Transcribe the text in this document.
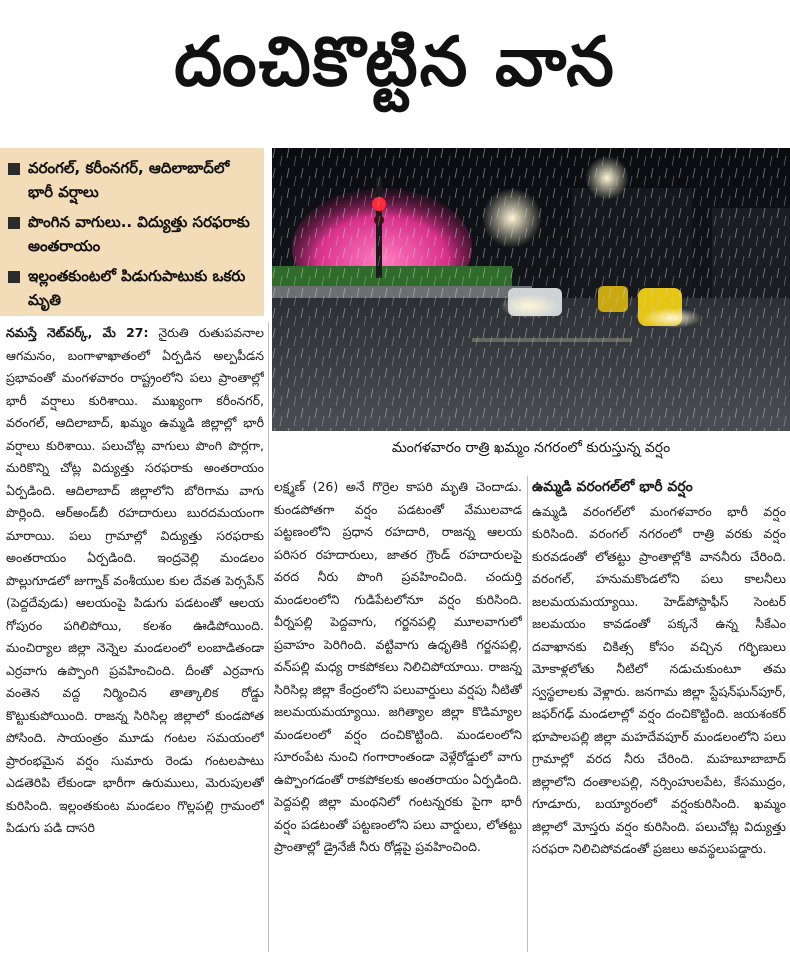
దంచికొట్టిన వాన
వరంగల్, కరీంనగర్, ఆదిలాబాద్‌లో భారీ వర్షాలు
పొంగిన వాగులు.. విద్యుత్తు సరఫరాకు అంతరాయం
ఇల్లంతకుంటలో పిడుగుపాటుకు ఒకరు మృతి
మంగళవారం రాత్రి ఖమ్మం నగరంలో కురుస్తున్న వర్షం

నమస్తే నెట్‌వర్క్, మే 27: నైరుతి రుతుపవనాల ఆగమనం, బంగాళాఖాతంలో ఏర్పడిన అల్పపీడన ప్రభావంతో మంగళవారం రాష్ట్రంలోని పలు ప్రాంతాల్లో భారీ వర్షాలు కురిశాయి. ముఖ్యంగా కరీంనగర్, వరంగల్, ఆదిలాబాద్, ఖమ్మం ఉమ్మడి జిల్లాల్లో భారీ వర్షాలు కురిశాయి. పలుచోట్ల వాగులు పొంగి పొర్లగా, మరికొన్ని చోట్ల విద్యుత్తు సరఫరాకు అంతరాయం ఏర్పడింది. ఆదిలాబాద్ జిల్లాలోని బోరిగామ వాగు పొర్లింది. ఆర్‌అండ్‌బీ రహదారులు బురదమయంగా మారాయి. పలు గ్రామాల్లో విద్యుత్తు సరఫరాకు అంతరాయం ఏర్పడింది. ఇంద్రవెల్లి మండలం పొల్లుగూడలో జుగ్నాక్ వంశీయుల కుల దేవత పెర్సపేన్ (పెద్దదేవుడు) ఆలయంపై పిడుగు పడటంతో ఆలయ గోపురం పగిలిపోయి, కలశం ఊడిపోయింది. మంచిర్యాల జిల్లా నెన్నెల మండలంలో లంబాడితండా ఎర్రవాగు ఉప్పొంగి ప్రవహించింది. దీంతో ఎర్రవాగు వంతెన వద్ద నిర్మించిన తాత్కాలిక రోడ్డు కొట్టుకుపోయింది. రాజన్న సిరిసిల్ల జిల్లాలో కుండపోత పోసింది. సాయంత్రం మూడు గంటల సమయంలో ప్రారంభమైన వర్షం సుమారు రెండు గంటలపాటు ఎడతెరిపి లేకుండా భారీగా ఉరుములు, మెరుపులతో కురిసింది. ఇల్లంతకుంట మండలం గొల్లపల్లి గ్రామంలో పిడుగు పడి దాసరి

లక్ష్మణ్ (26) అనే గొర్రెల కాపరి మృతి చెందాడు. కుండపోతగా వర్షం పడటంతో వేములవాడ పట్టణంలోని ప్రధాన రహదారి, రాజన్న ఆలయ పరిసర రహదారులు, జాతర గ్రౌండ్ రహదారులపై వరద నీరు పొంగి ప్రవహించింది. చందుర్తి మండలంలోని గుడిపేటలోనూ వర్షం కురిసింది. వీర్నపల్లి పెద్దవాగు, గర్జనపల్లి మూలవాగులో ప్రవాహం పెరిగింది. వట్టివాగు ఉధృతికి గర్జనపల్లి, వన్‌పల్లి మధ్య రాకపోకలు నిలిచిపోయాయి. రాజన్న సిరిసిల్ల జిల్లా కేంద్రంలోని పలువార్డులు వర్షపు నీటితో జలమయమయ్యాయి. జగిత్యాల జిల్లా కొడిమ్యాల మండలంలో వర్షం దంచికొట్టింది. మండలంలోని సూరంపేట నుంచి గంగారాంతండా వెళ్లేరోడ్డులో వాగు ఉప్పొంగడంతో రాకపోకలకు అంతరాయం ఏర్పడింది. పెద్దపల్లి జిల్లా మంథనిలో గంటన్నరకు పైగా భారీ వర్షం పడటంతో పట్టణంలోని పలు వార్డులు, లోతట్టు ప్రాంతాల్లో డ్రైనేజీ నీరు రోడ్లపై ప్రవహించింది.

ఉమ్మడి వరంగల్‌లో భారీ వర్షం

ఉమ్మడి వరంగల్‌లో మంగళవారం భారీ వర్షం కురిసింది. వరంగల్ నగరంలో రాత్రి వరకు వర్షం కురవడంతో లోతట్టు ప్రాంతాల్లోకి వాననీరు చేరింది. వరంగల్, హనుమకొండలోని పలు కాలనీలు జలమయమయ్యాయి. హెడ్‌పోస్టాఫీస్ సెంటర్ జలమయం కావడంతో పక్కనే ఉన్న సీకేఎం దవాఖానకు చికిత్స కోసం వచ్చిన గర్భిణులు మోకాళ్లలోతు నీటిలో నడుచుకుంటూ తమ స్వస్థలాలకు వెళ్లారు. జనగామ జిల్లా స్టేషన్‌ఘన్‌పూర్, జఫర్‌గఢ్ మండలాల్లో వర్షం దంచికొట్టింది. జయశంకర్ భూపాలపల్లి జిల్లా మహదేవపూర్ మండలంలోని పలు గ్రామాల్లో వరద నీరు చేరింది. మహబూబాబాద్ జిల్లాలోని దంతాలపల్లి, నర్సింహులపేట, కేసముద్రం, గూడూరు, బయ్యారంలో వర్షంకురిసింది. ఖమ్మం జిల్లాలో మోస్తరు వర్షం కురిసింది. పలుచోట్ల విద్యుత్తు సరఫరా నిలిచిపోవడంతో ప్రజలు అవస్థలుపడ్డారు.
